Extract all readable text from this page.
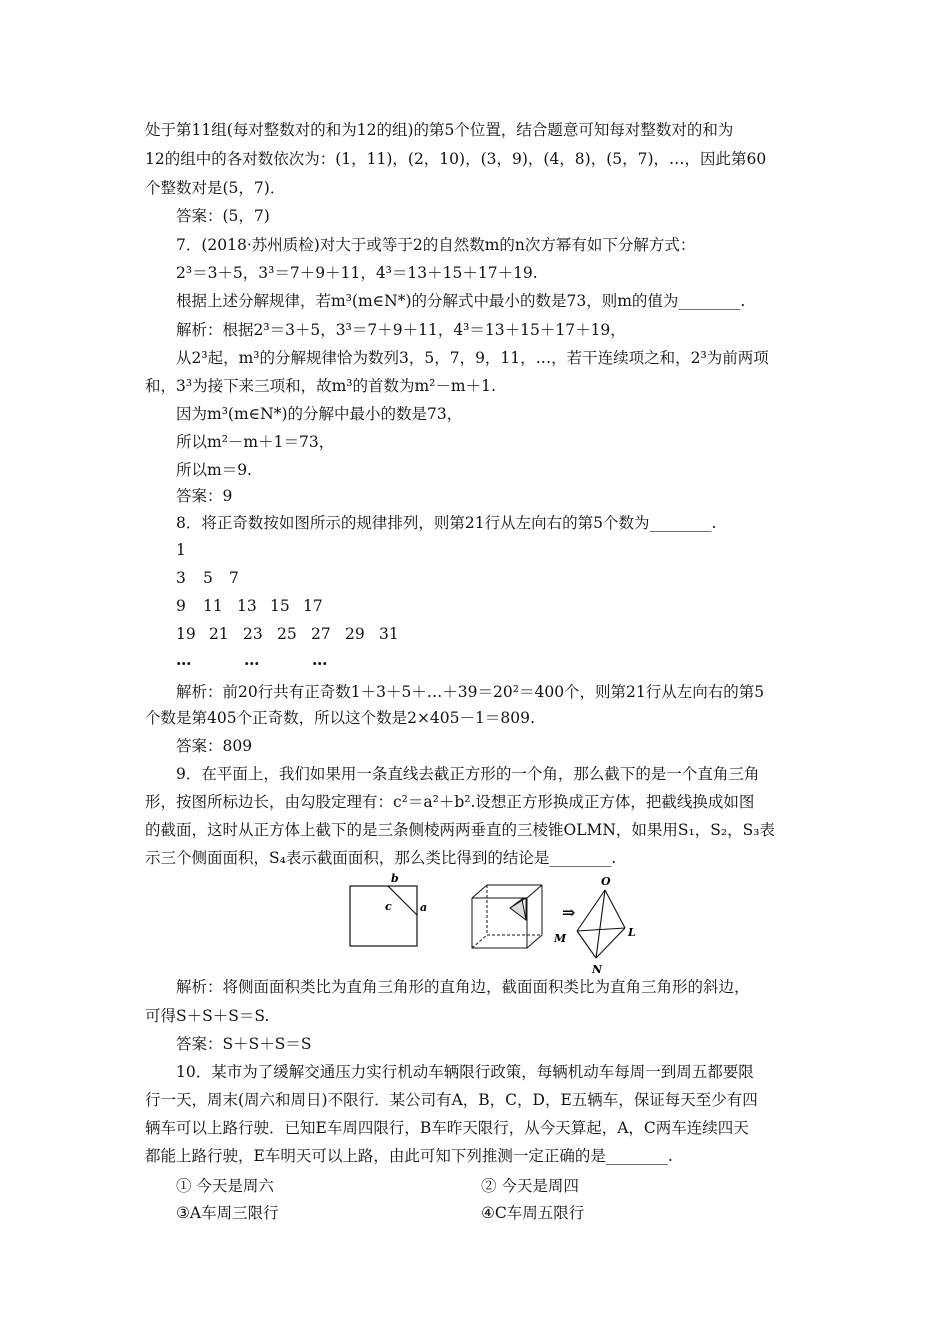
处于第11组(每对整数对的和为12的组)的第5个位置，结合题意可知每对整数对的和为
12的组中的各对数依次为：(1，11)，(2，10)，(3，9)，(4，8)，(5，7)，…，因此第60
个整数对是(5，7)．
答案：(5，7)
7．(2018·苏州质检)对大于或等于2的自然数m的n次方幂有如下分解方式：
2³＝3＋5，3³＝7＋9＋11，4³＝13＋15＋17＋19.
根据上述分解规律，若m³(m∈N*)的分解式中最小的数是73，则m的值为________.
解析：根据2³＝3＋5，3³＝7＋9＋11，4³＝13＋15＋17＋19，
从2³起，m³的分解规律恰为数列3，5，7，9，11，…，若干连续项之和，2³为前两项
和，3³为接下来三项和，故m³的首数为m²－m＋1.
因为m³(m∈N*)的分解中最小的数是73，
所以m²－m＋1＝73，
所以m＝9.
答案：9
8．将正奇数按如图所示的规律排列，则第21行从左向右的第5个数为________.
1
3 5 7
9 11 13 15 17
19 21 23 25 27 29 31
…	…	…
解析：前20行共有正奇数1＋3＋5＋…＋39＝20²＝400个，则第21行从左向右的第5
个数是第405个正奇数，所以这个数是2×405－1＝809.
答案：809
9．在平面上，我们如果用一条直线去截正方形的一个角，那么截下的是一个直角三角
形，按图所标边长，由勾股定理有：c²＝a²＋b².设想正方形换成正方体，把截线换成如图
的截面，这时从正方体上截下的是三条侧棱两两垂直的三棱锥OLMN，如果用S₁，S₂，S₃表
示三个侧面面积，S₄表示截面面积，那么类比得到的结论是________.
b
c	a	⇒
O
M	L
N
解析：将侧面面积类比为直角三角形的直角边，截面面积类比为直角三角形的斜边，
可得S＋S＋S＝S.
答案：S＋S＋S＝S
10．某市为了缓解交通压力实行机动车辆限行政策，每辆机动车每周一到周五都要限
行一天，周末(周六和周日)不限行．某公司有A，B，C，D，E五辆车，保证每天至少有四
辆车可以上路行驶．已知E车周四限行，B车昨天限行，从今天算起，A，C两车连续四天
都能上路行驶，E车明天可以上路，由此可知下列推测一定正确的是________.
① 今天是周六	② 今天是周四
③A车周三限行	④C车周五限行
